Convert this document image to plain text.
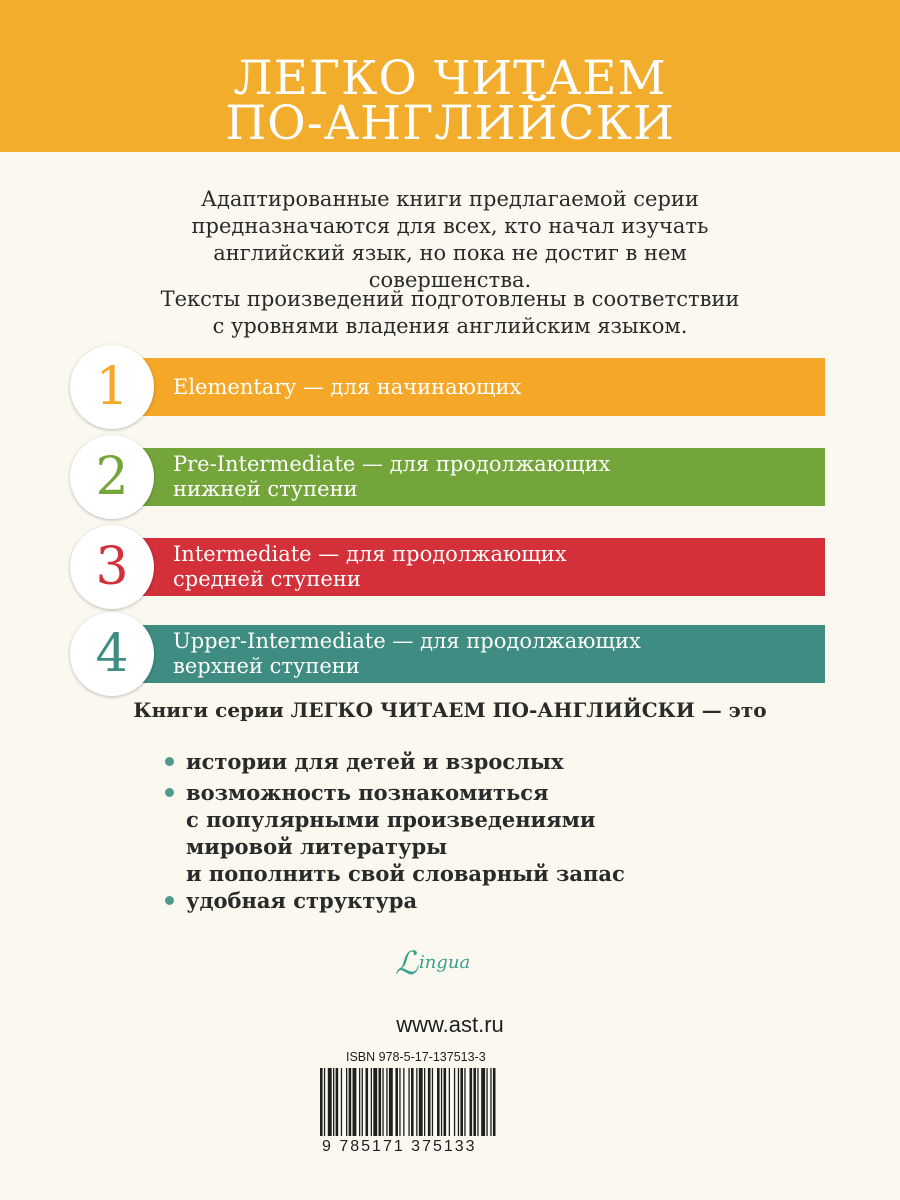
ЛЕГКО ЧИТАЕМ
ПО-АНГЛИЙСКИ
Адаптированные книги предлагаемой серии
предназначаются для всех, кто начал изучать
английский язык, но пока не достиг в нем
совершенства.
Тексты произведений подготовлены в соответствии
с уровнями владения английским языком.
1	Elementary — для начинающих
2	Pre-Intermediate — для продолжающих
нижней ступени
3	Intermediate — для продолжающих
средней ступени
4	Upper-Intermediate — для продолжающих
верхней ступени
Книги серии ЛЕГКО ЧИТАЕМ ПО-АНГЛИЙСКИ — это
истории для детей и взрослых
возможность познакомиться
с популярными произведениями
мировой литературы
и пополнить свой словарный запас
удобная структура
ℒingua
www.ast.ru
ISBN 978-5-17-137513-3
9 785171 375133
